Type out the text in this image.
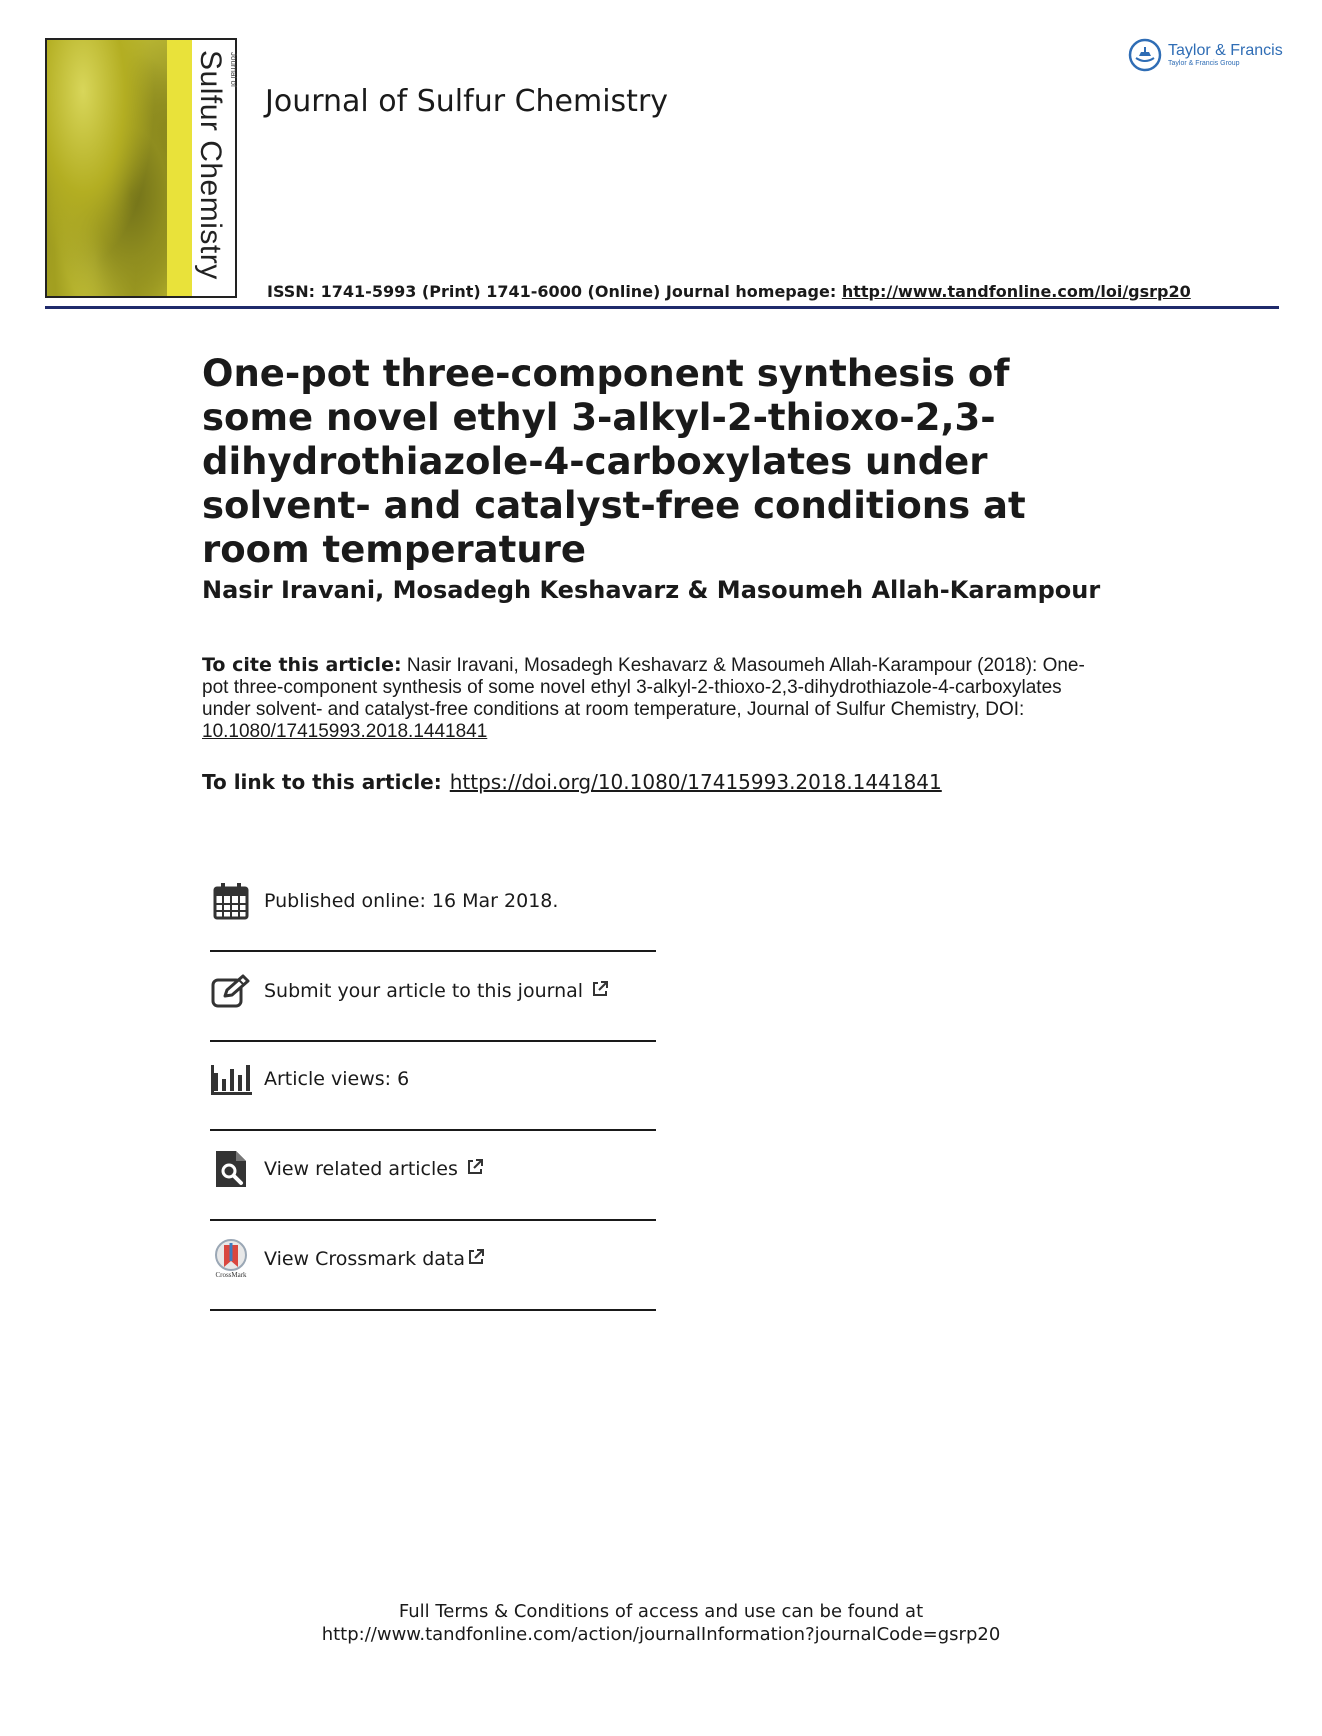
Sulfur Chemistry Journal of
Journal of Sulfur Chemistry
ISSN: 1741-5993 (Print) 1741-6000 (Online) Journal homepage: http://www.tandfonline.com/loi/gsrp20
Taylor & Francis
Taylor & Francis Group
One-pot three-component synthesis of some novel ethyl 3-alkyl-2-thioxo-2,3-dihydrothiazole-4-carboxylates under solvent- and catalyst-free conditions at room temperature
Nasir Iravani, Mosadegh Keshavarz & Masoumeh Allah-Karampour
To cite this article: Nasir Iravani, Mosadegh Keshavarz & Masoumeh Allah-Karampour (2018): One-pot three-component synthesis of some novel ethyl 3-alkyl-2-thioxo-2,3-dihydrothiazole-4-carboxylates under solvent- and catalyst-free conditions at room temperature, Journal of Sulfur Chemistry, DOI: 10.1080/17415993.2018.1441841
To link to this article: https://doi.org/10.1080/17415993.2018.1441841
Published online: 16 Mar 2018.
Submit your article to this journal
Article views: 6
View related articles
CrossMark
View Crossmark data
Full Terms & Conditions of access and use can be found at
http://www.tandfonline.com/action/journalInformation?journalCode=gsrp20
